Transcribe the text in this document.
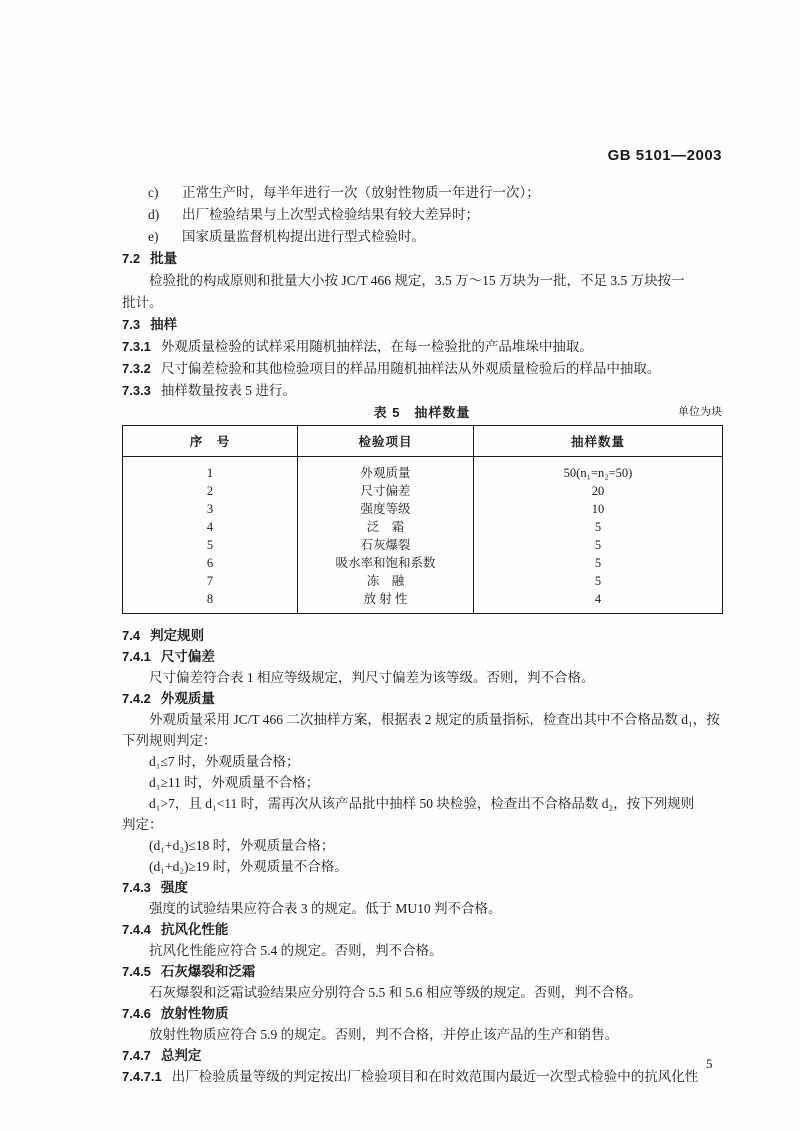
GB 5101—2003
c)	正常生产时，每半年进行一次（放射性物质一年进行一次）；
d)	出厂检验结果与上次型式检验结果有较大差异时；
e)	国家质量监督机构提出进行型式检验时。
7.2 批量
检验批的构成原则和批量大小按 JC/T 466 规定，3.5 万～15 万块为一批，不足 3.5 万块按一
批计。
7.3 抽样
7.3.1 外观质量检验的试样采用随机抽样法，在每一检验批的产品堆垛中抽取。
7.3.2 尺寸偏差检验和其他检验项目的样品用随机抽样法从外观质量检验后的样品中抽取。
7.3.3 抽样数量按表 5 进行。
表 5　抽样数量	单位为块
序　号	检验项目	抽样数量
1	外观质量	50(n₁=n₂=50)
2	尺寸偏差	20
3	强度等级	10
4	泛　霜	5
5	石灰爆裂	5
6	吸水率和饱和系数	5
7	冻　融	5
8	放 射 性	4
7.4 判定规则
7.4.1 尺寸偏差
尺寸偏差符合表 1 相应等级规定，判尺寸偏差为该等级。否则，判不合格。
7.4.2 外观质量
外观质量采用 JC/T 466 二次抽样方案，根据表 2 规定的质量指标，检查出其中不合格品数 d₁，按
下列规则判定：
d₁≤7 时，外观质量合格；
d₁≥11 时，外观质量不合格；
d₁>7，且 d₁<11 时，需再次从该产品批中抽样 50 块检验，检查出不合格品数 d₂，按下列规则
判定：
(d₁+d₂)≤18 时，外观质量合格；
(d₁+d₂)≥19 时，外观质量不合格。
7.4.3 强度
强度的试验结果应符合表 3 的规定。低于 MU10 判不合格。
7.4.4 抗风化性能
抗风化性能应符合 5.4 的规定。否则，判不合格。
7.4.5 石灰爆裂和泛霜
石灰爆裂和泛霜试验结果应分别符合 5.5 和 5.6 相应等级的规定。否则，判不合格。
7.4.6 放射性物质
放射性物质应符合 5.9 的规定。否则，判不合格，并停止该产品的生产和销售。
7.4.7 总判定
7.4.7.1 出厂检验质量等级的判定按出厂检验项目和在时效范围内最近一次型式检验中的抗风化性
5
